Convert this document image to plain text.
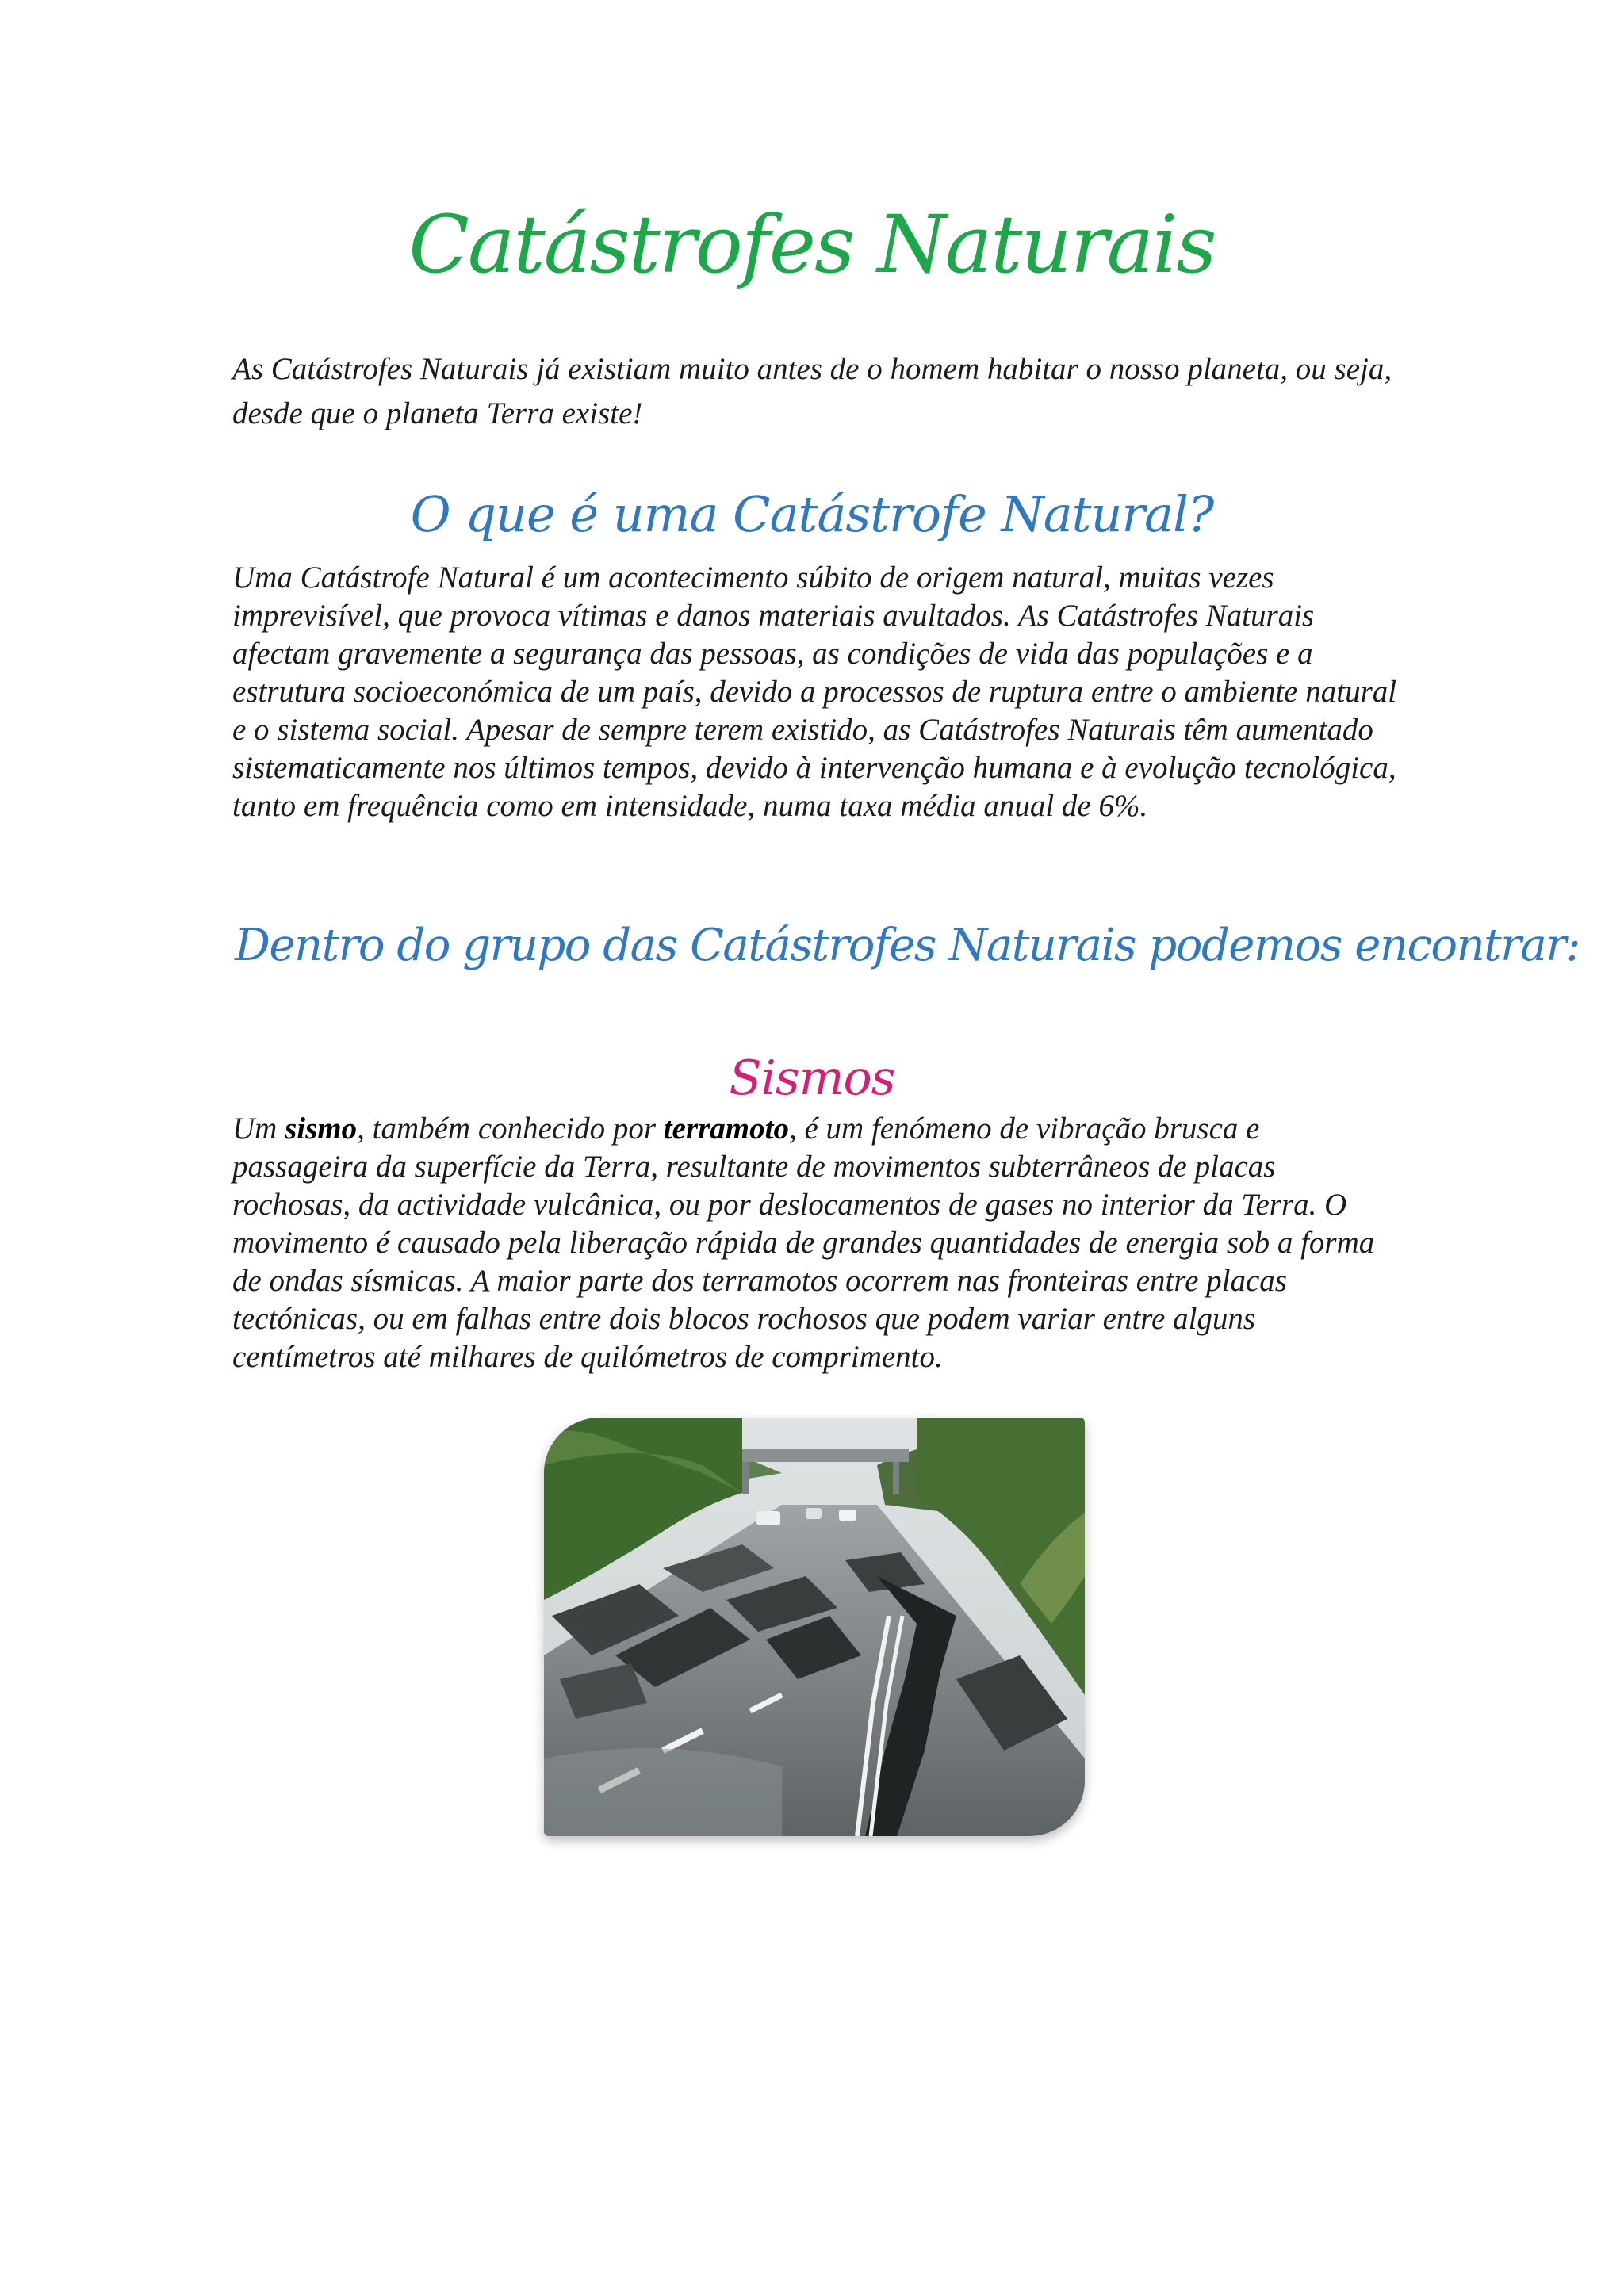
Catástrofes Naturais

As Catástrofes Naturais já existiam muito antes de o homem habitar o nosso planeta, ou seja, desde que o planeta Terra existe!

O que é uma Catástrofe Natural?

Uma Catástrofe Natural é um acontecimento súbito de origem natural, muitas vezes imprevisível, que provoca vítimas e danos materiais avultados. As Catástrofes Naturais afectam gravemente a segurança das pessoas, as condições de vida das populações e a estrutura socioeconómica de um país, devido a processos de ruptura entre o ambiente natural e o sistema social. Apesar de sempre terem existido, as Catástrofes Naturais têm aumentado sistematicamente nos últimos tempos, devido à intervenção humana e à evolução tecnológica, tanto em frequência como em intensidade, numa taxa média anual de 6%.

Dentro do grupo das Catástrofes Naturais podemos encontrar:
Sismos

Um sismo, também conhecido por terramoto, é um fenómeno de vibração brusca e passageira da superfície da Terra, resultante de movimentos subterrâneos de placas rochosas, da actividade vulcânica, ou por deslocamentos de gases no interior da Terra. O movimento é causado pela liberação rápida de grandes quantidades de energia sob a forma de ondas sísmicas. A maior parte dos terramotos ocorrem nas fronteiras entre placas tectónicas, ou em falhas entre dois blocos rochosos que podem variar entre alguns centímetros até milhares de quilómetros de comprimento.
